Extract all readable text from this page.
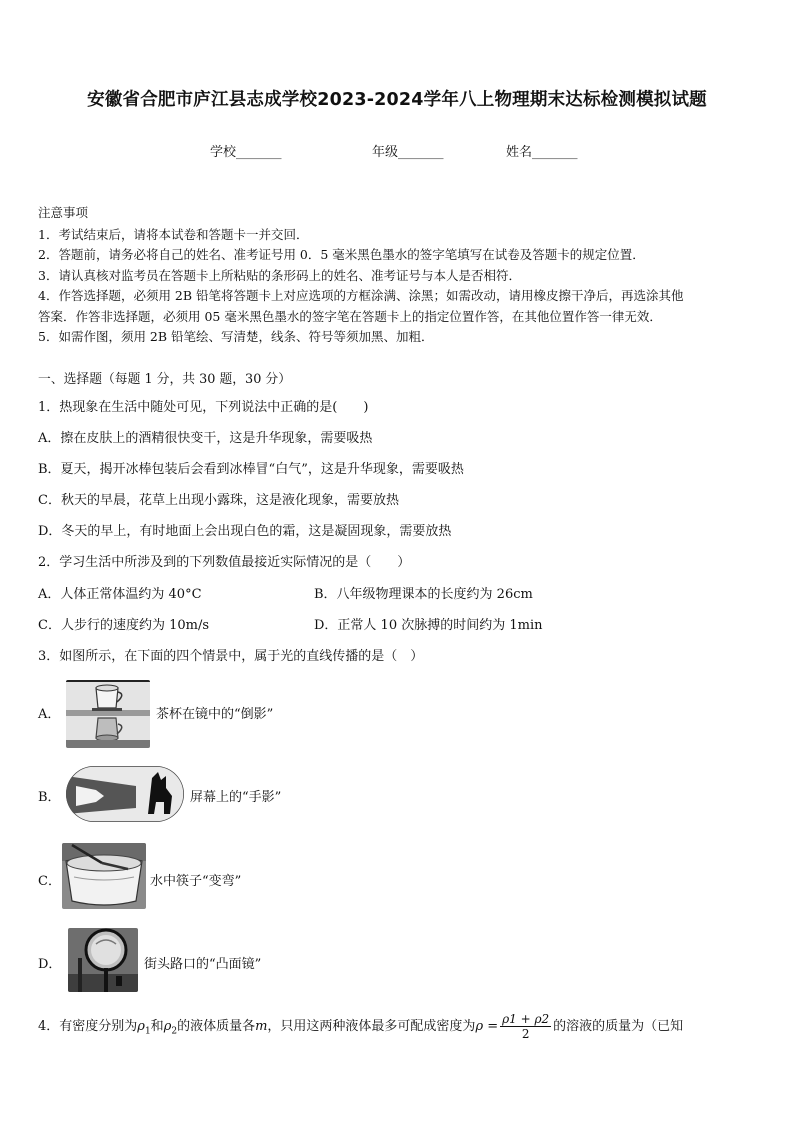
安徽省合肥市庐江县志成学校2023-2024学年八上物理期末达标检测模拟试题
学校_______	年级_______	姓名_______
注意事项
1．考试结束后，请将本试卷和答题卡一并交回．
2．答题前，请务必将自己的姓名、准考证号用 0．5 毫米黑色墨水的签字笔填写在试卷及答题卡的规定位置．
3．请认真核对监考员在答题卡上所粘贴的条形码上的姓名、准考证号与本人是否相符．
4．作答选择题，必须用 2B 铅笔将答题卡上对应选项的方框涂满、涂黑；如需改动，请用橡皮擦干净后，再选涂其他
答案．作答非选择题，必须用 05 毫米黑色墨水的签字笔在答题卡上的指定位置作答，在其他位置作答一律无效．
5．如需作图，须用 2B 铅笔绘、写清楚，线条、符号等须加黑、加粗．
一、选择题（每题 1 分，共 30 题，30 分）
1．热现象在生活中随处可见，下列说法中正确的是(　　)
A．擦在皮肤上的酒精很快变干，这是升华现象，需要吸热
B．夏天，揭开冰棒包装后会看到冰棒冒“白气”，这是升华现象，需要吸热
C．秋天的早晨，花草上出现小露珠，这是液化现象，需要放热
D．冬天的早上，有时地面上会出现白色的霜，这是凝固现象，需要放热
2．学习生活中所涉及到的下列数值最接近实际情况的是（　　）
A．人体正常体温约为 40°C	B．八年级物理课本的长度约为 26cm
C．人步行的速度约为 10m/s	D．正常人 10 次脉搏的时间约为 1min
3．如图所示，在下面的四个情景中，属于光的直线传播的是（　）
A．	茶杯在镜中的“倒影”
B．	屏幕上的“手影”
C．	水中筷子“变弯”
D．	街头路口的“凸面镜”
4．有密度分别为$\rho_1$和$\rho_2$的液体质量各m，只用这两种液体最多可配成密度为$\rho = \frac{\rho 1 + \rho 2}{2}$ 的溶液的质量为（已知
